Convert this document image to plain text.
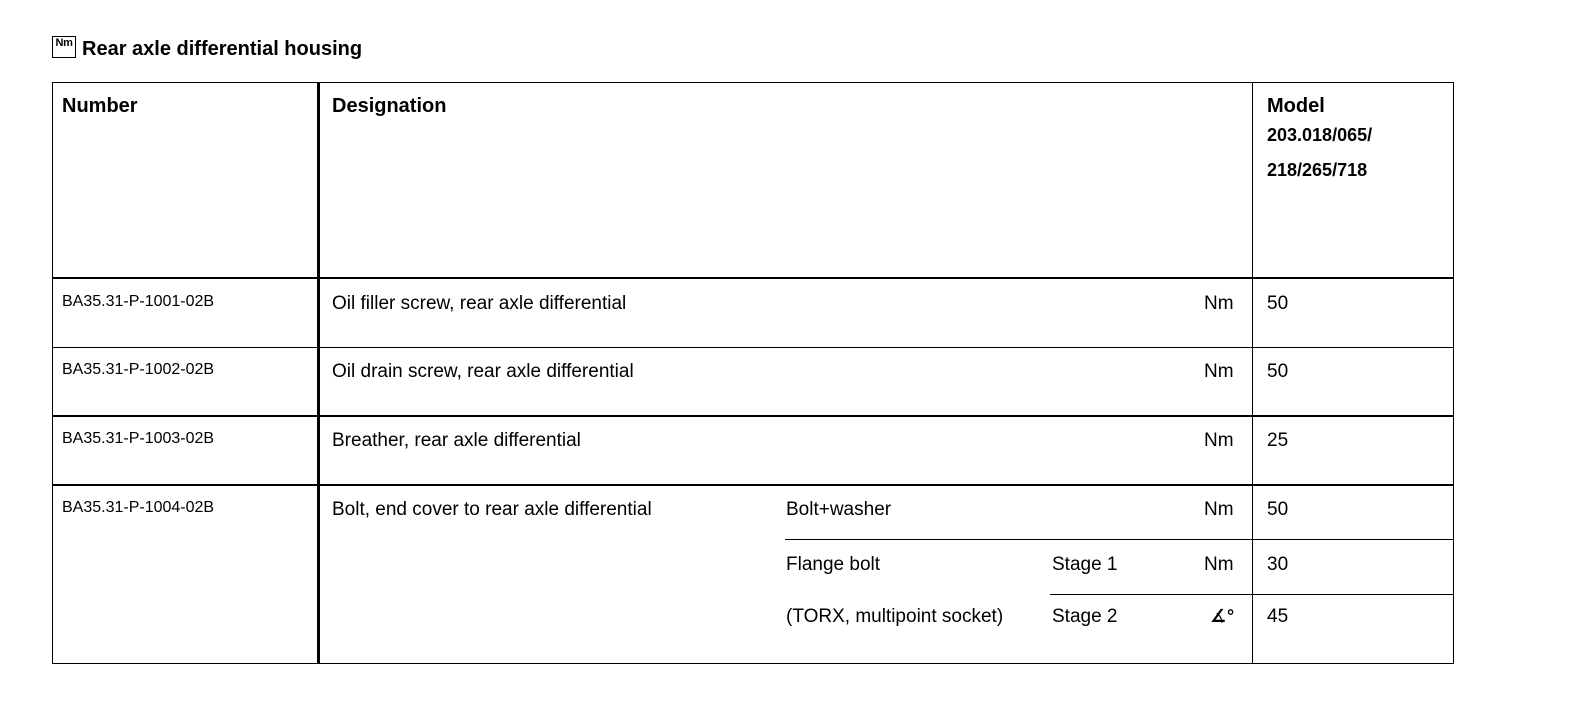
Nm Rear axle differential housing
Number	Designation	Model
203.018/065/
218/265/718
BA35.31-P-1001-02B	Oil filler screw, rear axle differential	Nm 50
BA35.31-P-1002-02B	Oil drain screw, rear axle differential	Nm 50
BA35.31-P-1003-02B	Breather, rear axle differential	Nm 25
BA35.31-P-1004-02B	Bolt, end cover to rear axle differential	Bolt+washer	Nm 50
Flange bolt	Stage 1	Nm 30
(TORX, multipoint socket)	Stage 2	∡° 45
